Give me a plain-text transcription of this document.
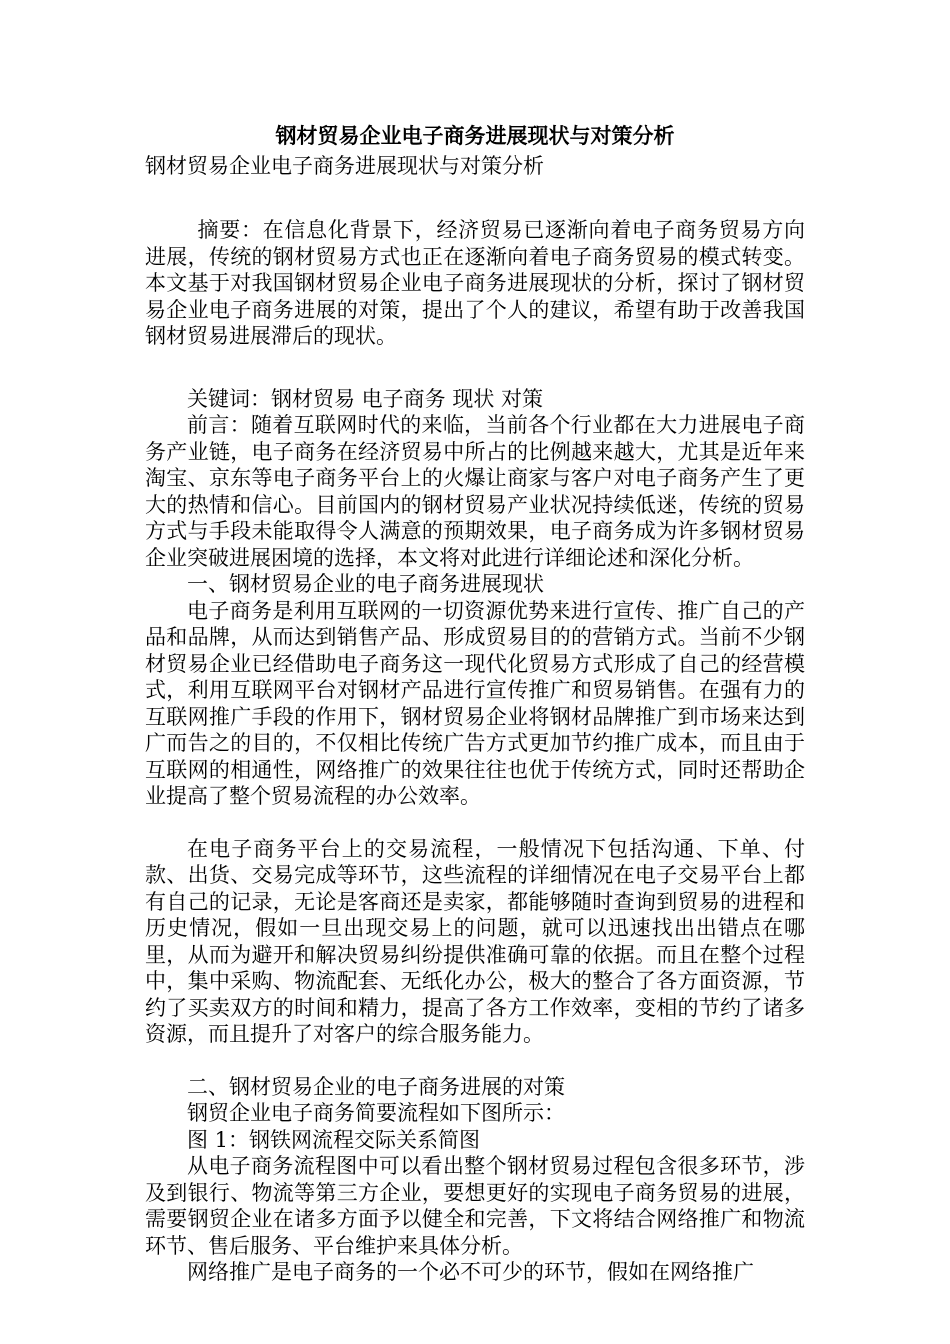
钢材贸易企业电子商务进展现状与对策分析

钢材贸易企业电子商务进展现状与对策分析

摘要：在信息化背景下，经济贸易已逐渐向着电子商务贸易方向进展，传统的钢材贸易方式也正在逐渐向着电子商务贸易的模式转变。本文基于对我国钢材贸易企业电子商务进展现状的分析，探讨了钢材贸易企业电子商务进展的对策，提出了个人的建议，希望有助于改善我国钢材贸易进展滞后的现状。

关键词：钢材贸易 电子商务 现状 对策

前言：随着互联网时代的来临，当前各个行业都在大力进展电子商务产业链，电子商务在经济贸易中所占的比例越来越大，尤其是近年来淘宝、京东等电子商务平台上的火爆让商家与客户对电子商务产生了更大的热情和信心。目前国内的钢材贸易产业状况持续低迷，传统的贸易方式与手段未能取得令人满意的预期效果，电子商务成为许多钢材贸易企业突破进展困境的选择，本文将对此进行详细论述和深化分析。

一、钢材贸易企业的电子商务进展现状

电子商务是利用互联网的一切资源优势来进行宣传、推广自己的产品和品牌，从而达到销售产品、形成贸易目的的营销方式。当前不少钢材贸易企业已经借助电子商务这一现代化贸易方式形成了自己的经营模式，利用互联网平台对钢材产品进行宣传推广和贸易销售。在强有力的互联网推广手段的作用下，钢材贸易企业将钢材品牌推广到市场来达到广而告之的目的，不仅相比传统广告方式更加节约推广成本，而且由于互联网的相通性，网络推广的效果往往也优于传统方式，同时还帮助企业提高了整个贸易流程的办公效率。

在电子商务平台上的交易流程，一般情况下包括沟通、下单、付款、出货、交易完成等环节，这些流程的详细情况在电子交易平台上都有自己的记录，无论是客商还是卖家，都能够随时查询到贸易的进程和历史情况，假如一旦出现交易上的问题，就可以迅速找出出错点在哪里，从而为避开和解决贸易纠纷提供准确可靠的依据。而且在整个过程中，集中采购、物流配套、无纸化办公，极大的整合了各方面资源，节约了买卖双方的时间和精力，提高了各方工作效率，变相的节约了诸多资源，而且提升了对客户的综合服务能力。

二、钢材贸易企业的电子商务进展的对策

钢贸企业电子商务简要流程如下图所示：

图 1：钢铁网流程交际关系简图

从电子商务流程图中可以看出整个钢材贸易过程包含很多环节，涉及到银行、物流等第三方企业，要想更好的实现电子商务贸易的进展，需要钢贸企业在诸多方面予以健全和完善，下文将结合网络推广和物流环节、售后服务、平台维护来具体分析。

网络推广是电子商务的一个必不可少的环节，假如在网络推广
